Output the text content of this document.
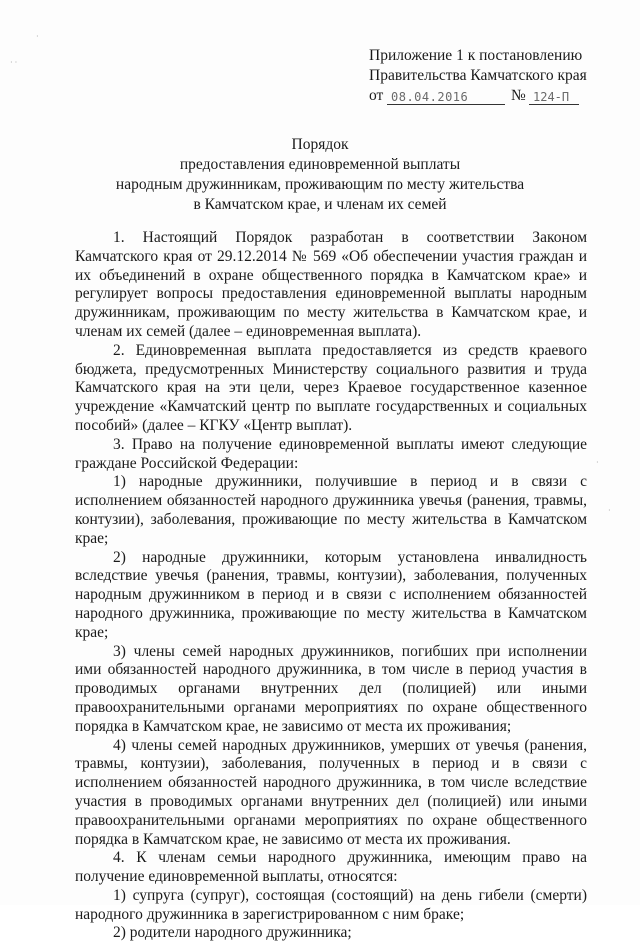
·
· ·
·
·
Приложение 1 к постановлению
Правительства Камчатского края
от 08.04.2016	№ 124-П
Порядок
предоставления единовременной выплаты
народным дружинникам, проживающим по месту жительства
в Камчатском крае, и членам их семей

1. Настоящий Порядок разработан в соответствии Законом Камчатского края от 29.12.2014 № 569 «Об обеспечении участия граждан и их объединений в охране общественного порядка в Камчатском крае» и регулирует вопросы предоставления единовременной выплаты народным дружинникам, проживающим по месту жительства в Камчатском крае, и членам их семей (далее – единовременная выплата).

2. Единовременная выплата предоставляется из средств краевого бюджета, предусмотренных Министерству социального развития и труда Камчатского края на эти цели, через Краевое государственное казенное учреждение «Камчатский центр по выплате государственных и социальных пособий» (далее – КГКУ «Центр выплат).

3. Право на получение единовременной выплаты имеют следующие граждане Российской Федерации:

1) народные дружинники, получившие в период и в связи с исполнением обязанностей народного дружинника увечья (ранения, травмы, контузии), заболевания, проживающие по месту жительства в Камчатском крае;

2) народные дружинники, которым установлена инвалидность вследствие увечья (ранения, травмы, контузии), заболевания, полученных народным дружинником в период и в связи с исполнением обязанностей народного дружинника, проживающие по месту жительства в Камчатском крае;

3) члены семей народных дружинников, погибших при исполнении ими обязанностей народного дружинника, в том числе в период участия в проводимых органами внутренних дел (полицией) или иными правоохранительными органами мероприятиях по охране общественного порядка в Камчатском крае, не зависимо от места их проживания;

4) члены семей народных дружинников, умерших от увечья (ранения, травмы, контузии), заболевания, полученных в период и в связи с исполнением обязанностей народного дружинника, в том числе вследствие участия в проводимых органами внутренних дел (полицией) или иными правоохранительными органами мероприятиях по охране общественного порядка в Камчатском крае, не зависимо от места их проживания.

4. К членам семьи народного дружинника, имеющим право на получение единовременной выплаты, относятся:

1) супруга (супруг), состоящая (состоящий) на день гибели (смерти) народного дружинника в зарегистрированном с ним браке;

2) родители народного дружинника;
